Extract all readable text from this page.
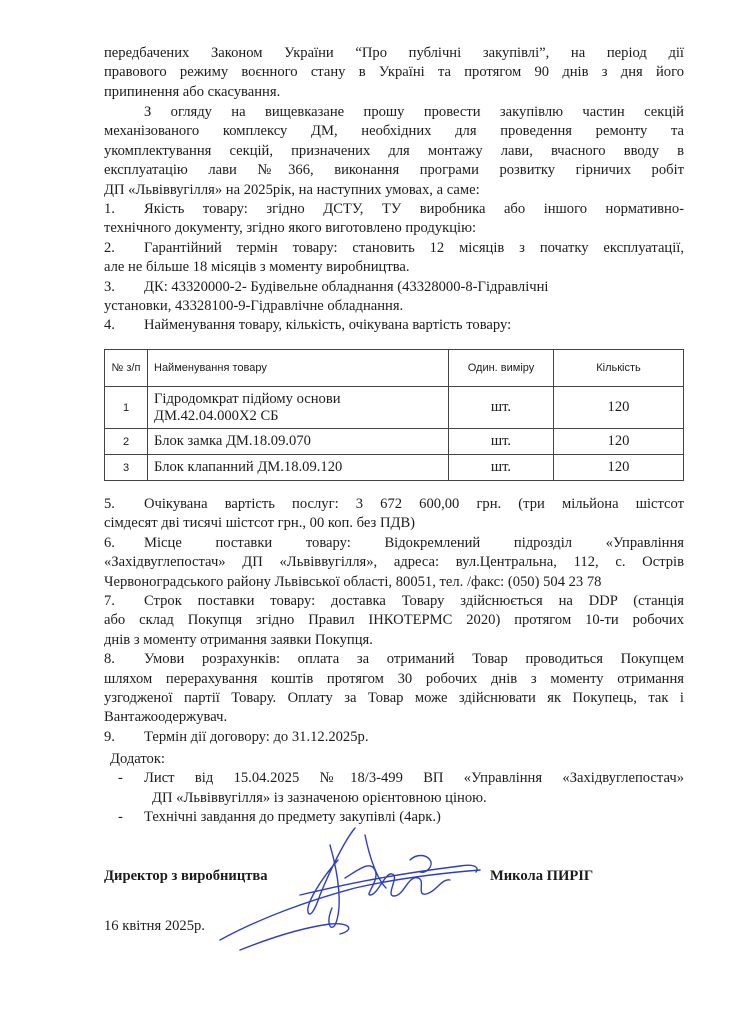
передбачених Законом України “Про публічні закупівлі”, на період дії
правового режиму воєнного стану в Україні та протягом 90 днів з дня його
припинення або скасування.
З огляду на вищевказане прошу провести закупівлю частин секцій
механізованого комплексу ДМ, необхідних для проведення ремонту та
укомплектування секцій, призначених для монтажу лави, вчасного вводу в
експлуатацію лави №366, виконання програми розвитку гірничих робіт
ДП «Львіввугілля» на 2025рік, на наступних умовах, а саме:
1. Якість товару: згідно ДСТУ, ТУ виробника або іншого нормативно-
технічного документу, згідно якого виготовлено продукцію:
2. Гарантійний термін товару: становить 12 місяців з початку експлуатації,
але не більше 18 місяців з моменту виробництва.
3. ДК: 43320000-2- Будівельне обладнання (43328000-8-Гідравлічні
установки, 43328100-9-Гідравлічне обладнання.
4. Найменування товару, кількість, очікувана вартість товару:
№ з/п	Найменування товару	Один. виміру	Кількість
1	Гідродомкрат підйому основи ДМ.42.04.000Х2 СБ	шт.	120
2	Блок замка ДМ.18.09.070	шт.	120
3	Блок клапанний ДМ.18.09.120	шт.	120
5. Очікувана вартість послуг: 3 672 600,00 грн. (три мільйона шістсот
сімдесят дві тисячі шістсот грн., 00 коп. без ПДВ)
6. Місце поставки товару: Відокремлений підрозділ «Управління
«Західвуглепостач» ДП «Львіввугілля», адреса: вул.Центральна, 112, с. Острів
Червоноградського району Львівської області, 80051, тел. /факс: (050) 504 23 78
7. Строк поставки товару: доставка Товару здійснюється на DDP (станція
або склад Покупця згідно Правил ІНКОТЕРМС 2020) протягом 10-ти робочих
днів з моменту отримання заявки Покупця.
8. Умови розрахунків: оплата за отриманий Товар проводиться Покупцем
шляхом перерахування коштів протягом 30 робочих днів з моменту отримання
узгодженої партії Товару. Оплату за Товар може здійснювати як Покупець, так і
Вантажоодержувач.
9. Термін дії договору: до 31.12.2025р.
Додаток:
- Лист від 15.04.2025 №18/3-499 ВП «Управління «Західвуглепостач»
ДП «Львіввугілля» із зазначеною орієнтовною ціною.
- Технічні завдання до предмету закупівлі (4арк.)
Директор з виробництва	Микола ПИРІГ
16 квітня 2025р.
